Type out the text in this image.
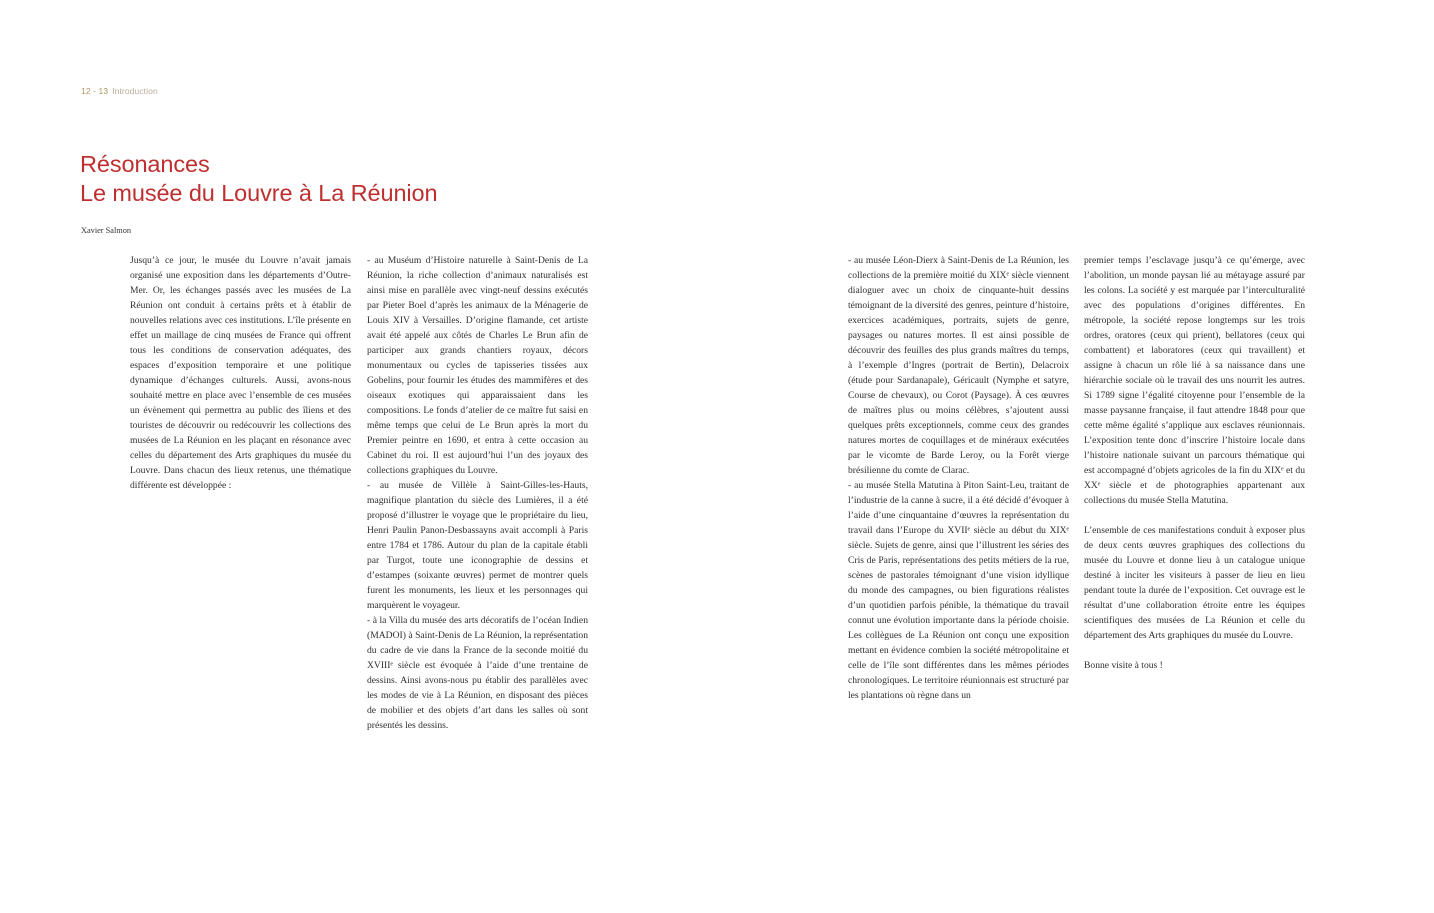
12 - 13 Introduction
Résonances
Le musée du Louvre à La Réunion
Xavier Salmon

Jusqu’à ce jour, le musée du Louvre n’avait jamais organisé une exposition dans les départements d’Outre-Mer. Or, les échanges passés avec les musées de La Réunion ont conduit à certains prêts et à établir de nouvelles relations avec ces institutions. L’île présente en effet un maillage de cinq musées de France qui offrent tous les conditions de conservation adéquates, des espaces d’exposition temporaire et une politique dynamique d’échanges culturels. Aussi, avons-nous souhaité mettre en place avec l’ensemble de ces musées un évènement qui permettra au public des îliens et des touristes de découvrir ou redécouvrir les collections des musées de La Réunion en les plaçant en résonance avec celles du département des Arts graphiques du musée du Louvre. Dans chacun des lieux retenus, une thématique différente est développée :

- au Muséum d’Histoire naturelle à Saint-Denis de La Réunion, la riche collection d’animaux naturalisés est ainsi mise en parallèle avec vingt-neuf dessins exécutés par Pieter Boel d’après les animaux de la Ménagerie de Louis XIV à Versailles. D’origine flamande, cet artiste avait été appelé aux côtés de Charles Le Brun afin de participer aux grands chantiers royaux, décors monumentaux ou cycles de tapisseries tissées aux Gobelins, pour fournir les études des mammifères et des oiseaux exotiques qui apparaissaient dans les compositions. Le fonds d’atelier de ce maître fut saisi en même temps que celui de Le Brun après la mort du Premier peintre en 1690, et entra à cette occasion au Cabinet du roi. Il est aujourd’hui l’un des joyaux des collections graphiques du Louvre.

- au musée de Villèle à Saint-Gilles-les-Hauts, magnifique plantation du siècle des Lumières, il a été proposé d’illustrer le voyage que le propriétaire du lieu, Henri Paulin Panon-Desbassayns avait accompli à Paris entre 1784 et 1786. Autour du plan de la capitale établi par Turgot, toute une iconographie de dessins et d’estampes (soixante œuvres) permet de montrer quels furent les monuments, les lieux et les personnages qui marquèrent le voyageur.

- à la Villa du musée des arts décoratifs de l’océan Indien (MADOI) à Saint-Denis de La Réunion, la représentation du cadre de vie dans la France de la seconde moitié du XVIIIᵉ siècle est évoquée à l’aide d’une trentaine de dessins. Ainsi avons-nous pu établir des parallèles avec les modes de vie à La Réunion, en disposant des pièces de mobilier et des objets d’art dans les salles où sont présentés les dessins.

- au musée Léon-Dierx à Saint-Denis de La Réunion, les collections de la première moitié du XIXᵉ siècle viennent dialoguer avec un choix de cinquante-huit dessins témoignant de la diversité des genres, peinture d’histoire, exercices académiques, portraits, sujets de genre, paysages ou natures mortes. Il est ainsi possible de découvrir des feuilles des plus grands maîtres du temps, à l’exemple d’Ingres (portrait de Bertin), Delacroix (étude pour Sardanapale), Géricault (Nymphe et satyre, Course de chevaux), ou Corot (Paysage). À ces œuvres de maîtres plus ou moins célèbres, s’ajoutent aussi quelques prêts exceptionnels, comme ceux des grandes natures mortes de coquillages et de minéraux exécutées par le vicomte de Barde Leroy, ou la Forêt vierge brésilienne du comte de Clarac.

- au musée Stella Matutina à Piton Saint-Leu, traitant de l’industrie de la canne à sucre, il a été décidé d’évoquer à l’aide d’une cinquantaine d’œuvres la représentation du travail dans l’Europe du XVIIᵉ siècle au début du XIXᵉ siècle. Sujets de genre, ainsi que l’illustrent les séries des Cris de Paris, représentations des petits métiers de la rue, scènes de pastorales témoignant d’une vision idyllique du monde des campagnes, ou bien figurations réalistes d’un quotidien parfois pénible, la thématique du travail connut une évolution importante dans la période choisie. Les collègues de La Réunion ont conçu une exposition mettant en évidence combien la société métropolitaine et celle de l’île sont différentes dans les mêmes périodes chronologiques. Le territoire réunionnais est structuré par les plantations où règne dans un

premier temps l’esclavage jusqu’à ce qu’émerge, avec l’abolition, un monde paysan lié au métayage assuré par les colons. La société y est marquée par l’interculturalité avec des populations d’origines différentes. En métropole, la société repose longtemps sur les trois ordres, oratores (ceux qui prient), bellatores (ceux qui combattent) et laboratores (ceux qui travaillent) et assigne à chacun un rôle lié à sa naissance dans une hiérarchie sociale où le travail des uns nourrit les autres. Si 1789 signe l’égalité citoyenne pour l’ensemble de la masse paysanne française, il faut attendre 1848 pour que cette même égalité s’applique aux esclaves réunionnais. L’exposition tente donc d’inscrire l’histoire locale dans l’histoire nationale suivant un parcours thématique qui est accompagné d’objets agricoles de la fin du XIXᵉ et du XXᵉ siècle et de photographies appartenant aux collections du musée Stella Matutina.

L’ensemble de ces manifestations conduit à exposer plus de deux cents œuvres graphiques des collections du musée du Louvre et donne lieu à un catalogue unique destiné à inciter les visiteurs à passer de lieu en lieu pendant toute la durée de l’exposition. Cet ouvrage est le résultat d’une collaboration étroite entre les équipes scientifiques des musées de La Réunion et celle du département des Arts graphiques du musée du Louvre.

Bonne visite à tous !
